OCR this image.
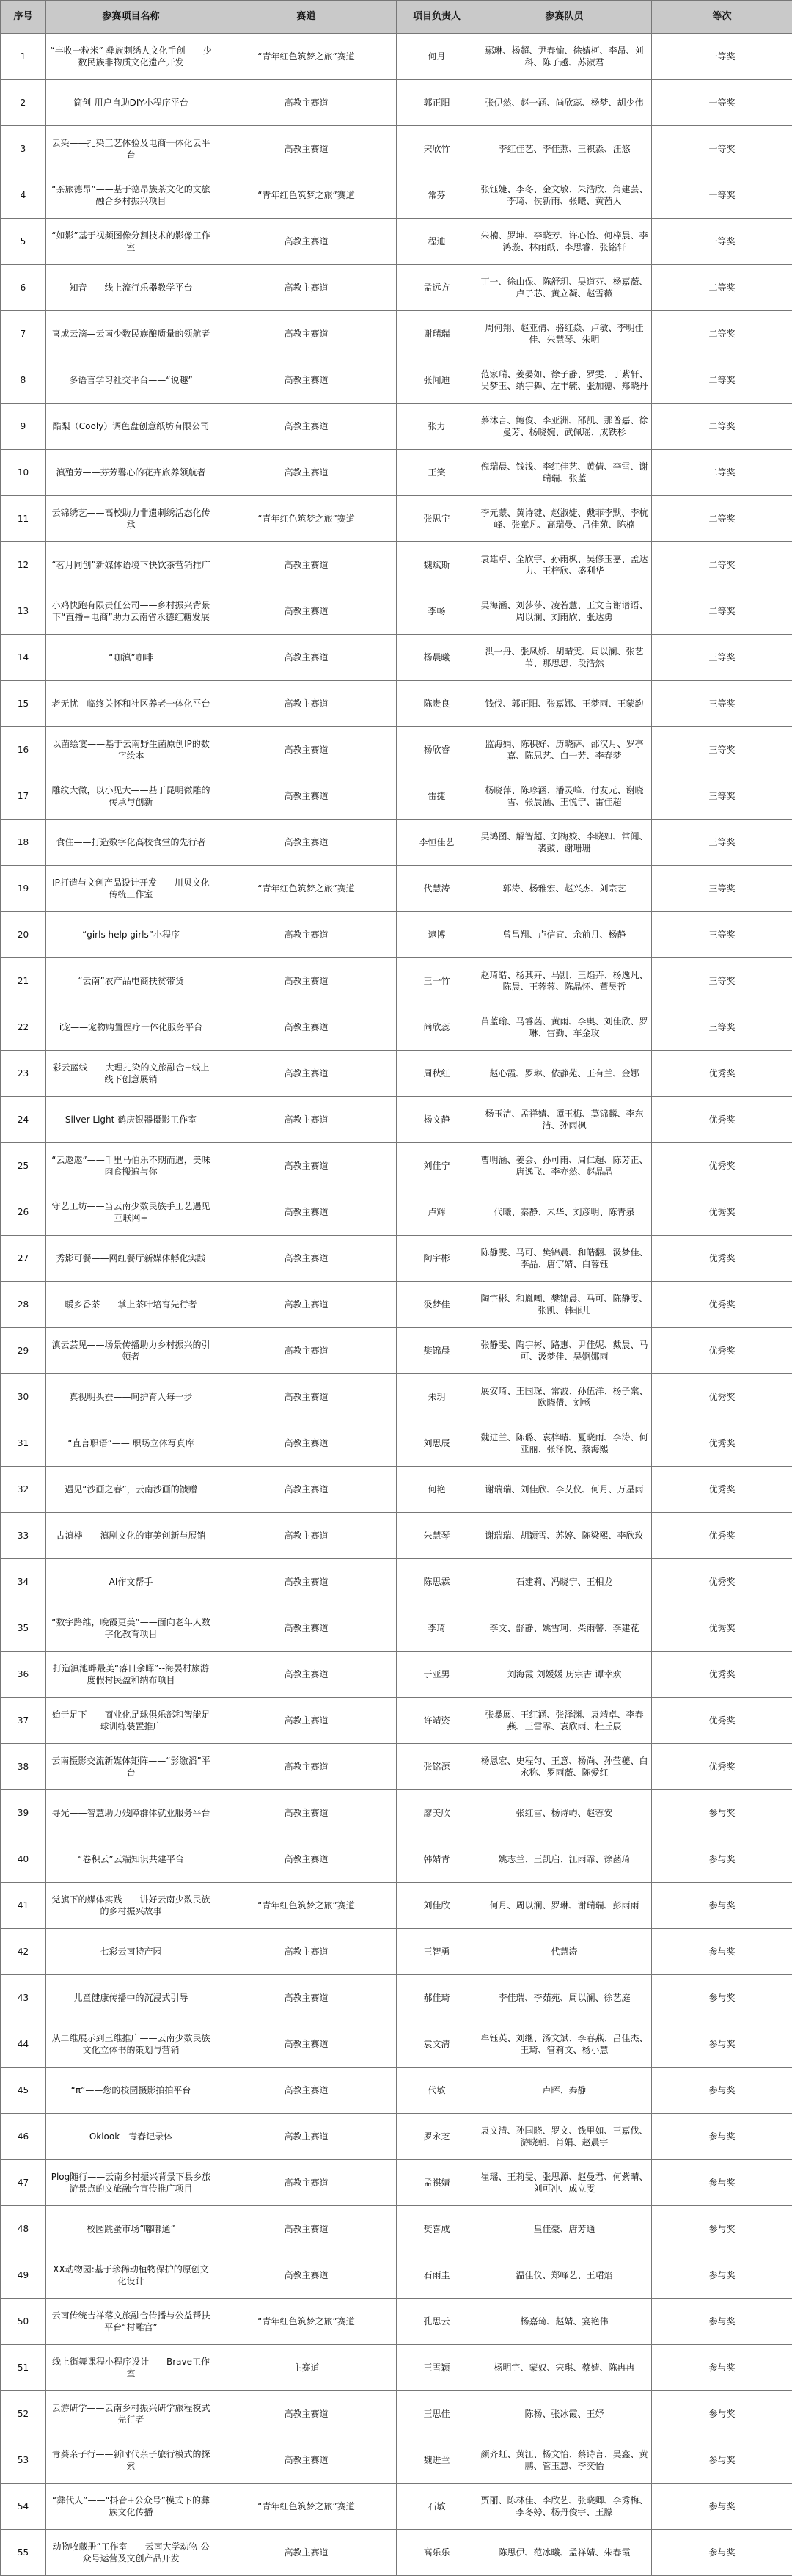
序号	参赛项目名称	赛道	项目负责人	参赛队员	等次
1	“丰收一粒米” 彝族刺绣人文化手创——少数民族非物质文化遗产开发	“青年红色筑梦之旅”赛道	何月	鄢琳、杨超、尹春愉、徐婧柯、李昂、刘科、陈子越、苏淑君	一等奖
2	筒创-用户自助DIY小程序平台	高教主赛道	郭正阳	张伊然、赵一涵、尚欣蕊、杨梦、胡少伟	一等奖
3	云染——扎染工艺体验及电商一体化云平台	高教主赛道	宋欣竹	李红佳艺、李佳燕、王祺淼、汪悠	一等奖
4	“茶旅德昂”——基于德昂族茶文化的文旅融合乡村振兴项目	“青年红色筑梦之旅”赛道	常芬	张钰婕、李冬、金文敏、朱浩欣、角建芸、李琦、侯新雨、张曦、黄茜人	一等奖
5	“如影”基于视频图像分割技术的影像工作室	高教主赛道	程迪	朱楠、罗坤、李晓芳、许心怡、何梓晨、李鸿璇、林雨纸、李思睿、张铭轩	一等奖
6	知音——线上流行乐器教学平台	高教主赛道	孟远方	丁一、徐山保、陈舒玥、吴道芬、杨嘉薇、卢子芯、黄立凝、赵雪薇	二等奖
7	喜成云滴—云南少数民族酿质量的领航者	高教主赛道	谢瑞瑞	周何翔、赵亚倩、骆红焱、卢敏、李明佳佳、朱慧琴、朱明	二等奖
8	多语言学习社交平台——“说趣”	高教主赛道	张闻迪	范家瑞、姜晏如、徐子静、罗雯、丁紫轩、吴梦玉、纳宇舞、左丰毓、张加德、郑晓丹	二等奖
9	酷梨（Cooly）调色盘创意纸坊有限公司	高教主赛道	张力	蔡沐言、鲍俊、李亚洲、邵凯、那普嘉、徐曼芳、杨晓婉、武佩瑶、成铁杉	二等奖
10	滇殖芳——芬芳馨心的花卉旅养领航者	高教主赛道	王笑	倪瑞晨、钱浅、李红佳艺、黄倩、李雪、谢瑞瑞、张蓝	二等奖
11	云锦绣艺——高校助力非遗刺绣活态化传承	“青年红色筑梦之旅”赛道	张思宇	李元蒙、黄诗键、赵淑婕、戴菲李默、李杭峰、张章凡、高瑞曼、吕佳苑、陈楠	二等奖
12	“茗月同创”新媒体语境下快饮茶营销推广	高教主赛道	魏斌斯	袁雄卓、全欣宇、孙雨枫、吴修玉嘉、孟达力、王梓欣、盛利华	二等奖
13	小鸡快跑有限责任公司——乡村振兴背景下“直播+电商”助力云南省永德红糖发展	高教主赛道	李畅	吴海涵、刘莎莎、凌若慧、王文言谢谱语、周以澜、刘雨欣、张达勇	二等奖
14	“咖滇”咖啡	高教主赛道	杨晨曦	洪一丹、张凤娇、胡晴雯、周以澜、张艺苇、那思思、段浩然	三等奖
15	老无忧—临终关怀和社区养老一体化平台	高教主赛道	陈贵良	钱伐、郭正阳、张嘉娜、王梦雨、王蒙韵	三等奖
16	以菌绘宴——基于云南野生菌原创IP的数字绘本	高教主赛道	杨欣睿	监海娟、陈积好、历晓萨、邵汉月、罗亭嘉、陈思艺、白一芳、李春梦	三等奖
17	雕纹大微，以小见大——基于昆明微雕的传承与创新	高教主赛道	雷捷	杨晓萍、陈珍涵、潘灵峰、付友元、谢晓雪、张晨涵、王悦宁、雷佳超	三等奖
18	食住——打造数字化高校食堂的先行者	高教主赛道	李恒佳艺	吴鸿图、解智超、刘梅姣、李晓如、常闻、裘鼓、谢珊珊	三等奖
19	IP打造与文创产品设计开发——川贝文化传统工作室	“青年红色筑梦之旅”赛道	代慧涛	郭涛、杨雅宏、赵兴杰、刘宗艺	三等奖
20	“girls help girls”小程序	高教主赛道	逮博	曾昌翔、卢信宜、余前月、杨静	三等奖
21	“云南”农产品电商扶贫带货	高教主赛道	王一竹	赵琦皓、杨其卉、马凯、王焰卉、杨逸凡、陈晨、王蓉蓉、陈晶怀、董昊哲	三等奖
22	i宠——宠物购置医疗一体化服务平台	高教主赛道	尚欣蕊	苗蓝瑜、马睿菡、黄雨、李奥、刘佳欣、罗琳、雷勤、车金玫	三等奖
23	彩云蓝线——大理扎染的文旅融合+线上线下创意展销	高教主赛道	周秋红	赵心霞、罗琳、依静苑、王有兰、金娜	优秀奖
24	Silver Light 鹤庆银器摄影工作室	高教主赛道	杨文静	杨玉洁、孟祥婧、谭玉梅、莫锦麟、李东洁、孙雨枫	优秀奖
25	“云遨遨”——千里马伯乐不期而遇，美味肉食搬遍与你	高教主赛道	刘佳宁	曹明涵、姜会、孙可雨、周仁超、陈芳正、唐逸飞、李亦然、赵晶晶	优秀奖
26	守艺工坊——当云南少数民族手工艺遇见互联网+	高教主赛道	卢辉	代曦、秦静、未华、刘彦明、陈青泉	优秀奖
27	秀影可餐——网红餐厅新媒体孵化实践	高教主赛道	陶宇彬	陈静雯、马可、樊锦晨、和皓翻、汲梦佳、李晶、唐宁婧、白蓉钰	优秀奖
28	暖乡香茶——掌上茶叶培育先行者	高教主赛道	汲梦佳	陶宇彬、和胤嘲、樊锦晨、马可、陈静雯、张凯、韩菲儿	优秀奖
29	滇云芸见——场景传播助力乡村振兴的引领者	高教主赛道	樊锦晨	张静雯、陶宇彬、路惠、尹佳妮、戴晨、马可、汲梦佳、吴婀娜雨	优秀奖
30	真视明头蚕——呵护育人每一步	高教主赛道	朱玥	展安琦、王国琛、常波、孙伍洋、杨子棠、欧晓倩、刘畅	优秀奖
31	“直言职语”—— 职场立体写真库	高教主赛道	刘思辰	魏进兰、陈璐、袁梓晴、夏晓雨、李涛、何亚丽、张泽悦、蔡海熙	优秀奖
32	遇见“沙画之春”，云南沙画的馈赠	高教主赛道	何艳	谢瑞瑞、刘佳欣、李艾仪、何月、万星雨	优秀奖
33	古滇桦——滇剧文化的审美创新与展销	高教主赛道	朱慧琴	谢瑞瑞、胡颖雪、苏婷、陈梁熙、李欣玫	优秀奖
34	AI作文帮手	高教主赛道	陈思霖	石建莉、冯晓宁、王相龙	优秀奖
35	“数字路维，晚霞更美”——面向老年人数字化教育项目	高教主赛道	李琦	李文、舒静、姚雪珂、柴雨馨、李建花	优秀奖
36	打造滇池畔最美“落日余晖”--海晏村旅游度假村民盈和纳布项目	高教主赛道	于亚男	刘海霞 刘媛媛 历宗吉 谭幸欢	优秀奖
37	始于足下——商业化足球俱乐部和智能足球训练装置推广	高教主赛道	许靖姿	张暴展、王红涵、张泽渊、袁靖卓、李春燕、王雪霏、袁欣雨、杜丘辰	优秀奖
38	云南摄影交流新媒体矩阵——“影缴滔”平台	高教主赛道	张铭源	杨恩宏、史程匀、王意、杨尚、孙莹夔、白永称、罗雨薇、陈爱红	优秀奖
39	寻光——智慧助力残障群体就业服务平台	高教主赛道	廖美欣	张红雪、杨诗屿、赵蓉安	参与奖
40	“卷积云”云端知识共建平台	高教主赛道	韩婧青	姚志兰、王凯启、江雨霏、徐菡琦	参与奖
41	党旗下的媒体实践——讲好云南少数民族的乡村振兴故事	“青年红色筑梦之旅”赛道	刘佳欣	何月、周以澜、罗琳、谢瑞瑞、彭雨雨	参与奖
42	七彩云南特产园	高教主赛道	王智勇	代慧涛	参与奖
43	儿童健康传播中的沉浸式引导	高教主赛道	郝佳琦	李佳瑞、李茹苑、周以澜、徐艺庭	参与奖
44	从二维展示到三维推广——云南少数民族文化立体书的策划与营销	高教主赛道	袁文清	牟钰英、刘继、汤文斌、李春燕、吕佳杰、王琦、管莉文、杨小慧	参与奖
45	“π”——您的校园摄影拍拍平台	高教主赛道	代敏	卢晖、秦静	参与奖
46	Oklook—青春记录体	高教主赛道	罗永芝	袁文清、孙国晓、罗文、钱里如、王嘉伐、游晓朝、肖娟、赵晨宇	参与奖
47	Plog随行——云南乡村振兴背景下县乡旅游景点的文旅融合宣传推广项目	高教主赛道	孟祺婧	崔瑶、王莉雯、张思源、赵曼君、何紫晴、刘可冲、成立雯	参与奖
48	校园跳蚤市场“嘟嘟通”	高教主赛道	樊喜成	皇佳豪、唐芳通	参与奖
49	XX动物园:基于珍稀动植物保护的原创文化设计	高教主赛道	石雨圭	温佳仪、郑峰艺、王珺焰	参与奖
50	云南传统吉祥落文旅融合传播与公益帮扶平台“村雕宫”	“青年红色筑梦之旅”赛道	孔思云	杨嘉琦、赵婧、宴艳伟	参与奖
51	线上街舞课程小程序设计——Brave工作室	主赛道	王雪颖	杨明宇、蒙奴、宋琪、蔡婧、陈冉冉	参与奖
52	云游研学——云南乡村振兴研学旅程模式先行者	高教主赛道	王思佳	陈杨、张冰霞、王妤	参与奖
53	青葵亲子行——新时代亲子旅行模式的探索	高教主赛道	魏进兰	颜齐虹、黄江、杨文怡、蔡诗言、吴鑫、黄鹏、管玉慧、李奕怡	参与奖
54	“彝代人”——“抖音+公众号”模式下的彝族文化传播	“青年红色筑梦之旅”赛道	石敏	贾丽、陈林佳、李欣艺、张晓卿、李秀梅、李冬婷、杨丹俊宇、王朦	参与奖
55	动物收藏册”工作室——云南大学动物 公众号运营及文创产品开发	高教主赛道	高乐乐	陈思伊、范冰曦、孟祥婧、朱春霞	参与奖
